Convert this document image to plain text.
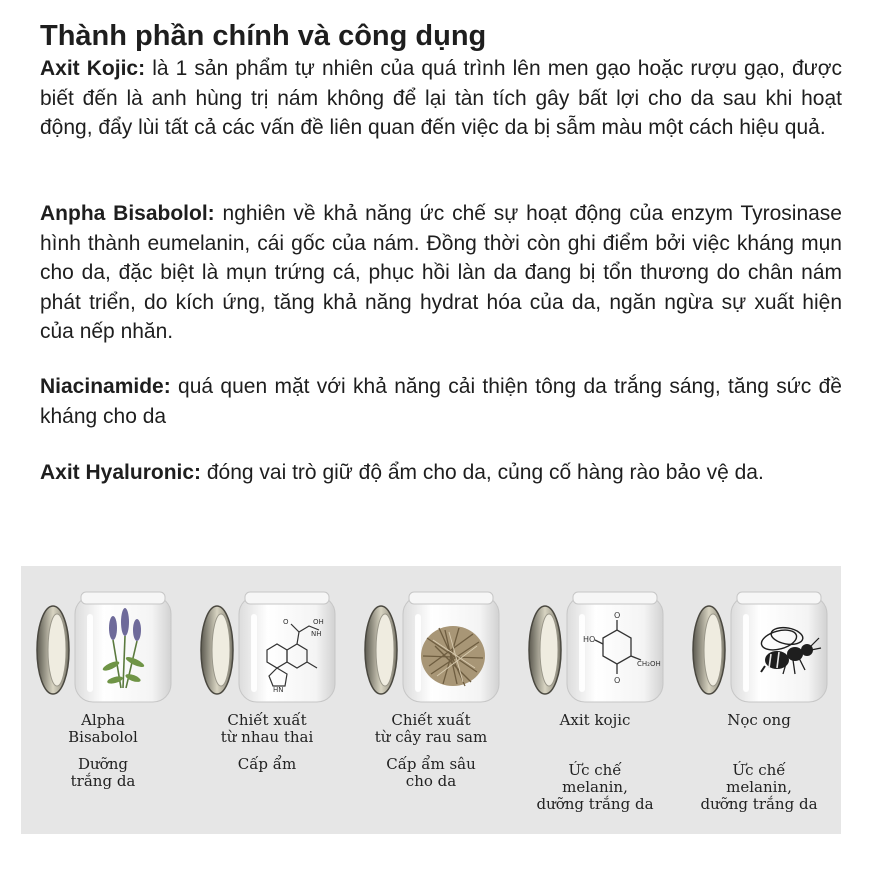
Thành phần chính và công dụng

Axit Kojic: là 1 sản phẩm tự nhiên của quá trình lên men gạo hoặc rượu gạo, được biết đến là anh hùng trị nám không để lại tàn tích gây bất lợi cho da sau khi hoạt động, đẩy lùi tất cả các vấn đề liên quan đến việc da bị sẫm màu một cách hiệu quả.

Anpha Bisabolol: nghiên về khả năng ức chế sự hoạt động của enzym Tyrosinase hình thành eumelanin, cái gốc của nám. Đồng thời còn ghi điểm bởi việc kháng mụn cho da, đặc biệt là mụn trứng cá, phục hồi làn da đang bị tổn thương do chân nám phát triển, do kích ứng, tăng khả năng hydrat hóa của da, ngăn ngừa sự xuất hiện của nếp nhăn.

Niacinamide: quá quen mặt với khả năng cải thiện tông da trắng sáng, tăng sức đề kháng cho da

Axit Hyaluronic: đóng vai trò giữ độ ẩm cho da, củng cố hàng rào bảo vệ da.

Alpha
Bisabolol
Dưỡng
trắng da
HN
OH
O
NH
Chiết xuất
từ nhau thai
Cấp ẩm
Chiết xuất
từ cây rau sam
Cấp ẩm sâu
cho da
O
O
HO
CH₂OH
Axit kojic
Ức chế
melanin,
dưỡng trắng da
Nọc ong
Ức chế
melanin,
dưỡng trắng da
